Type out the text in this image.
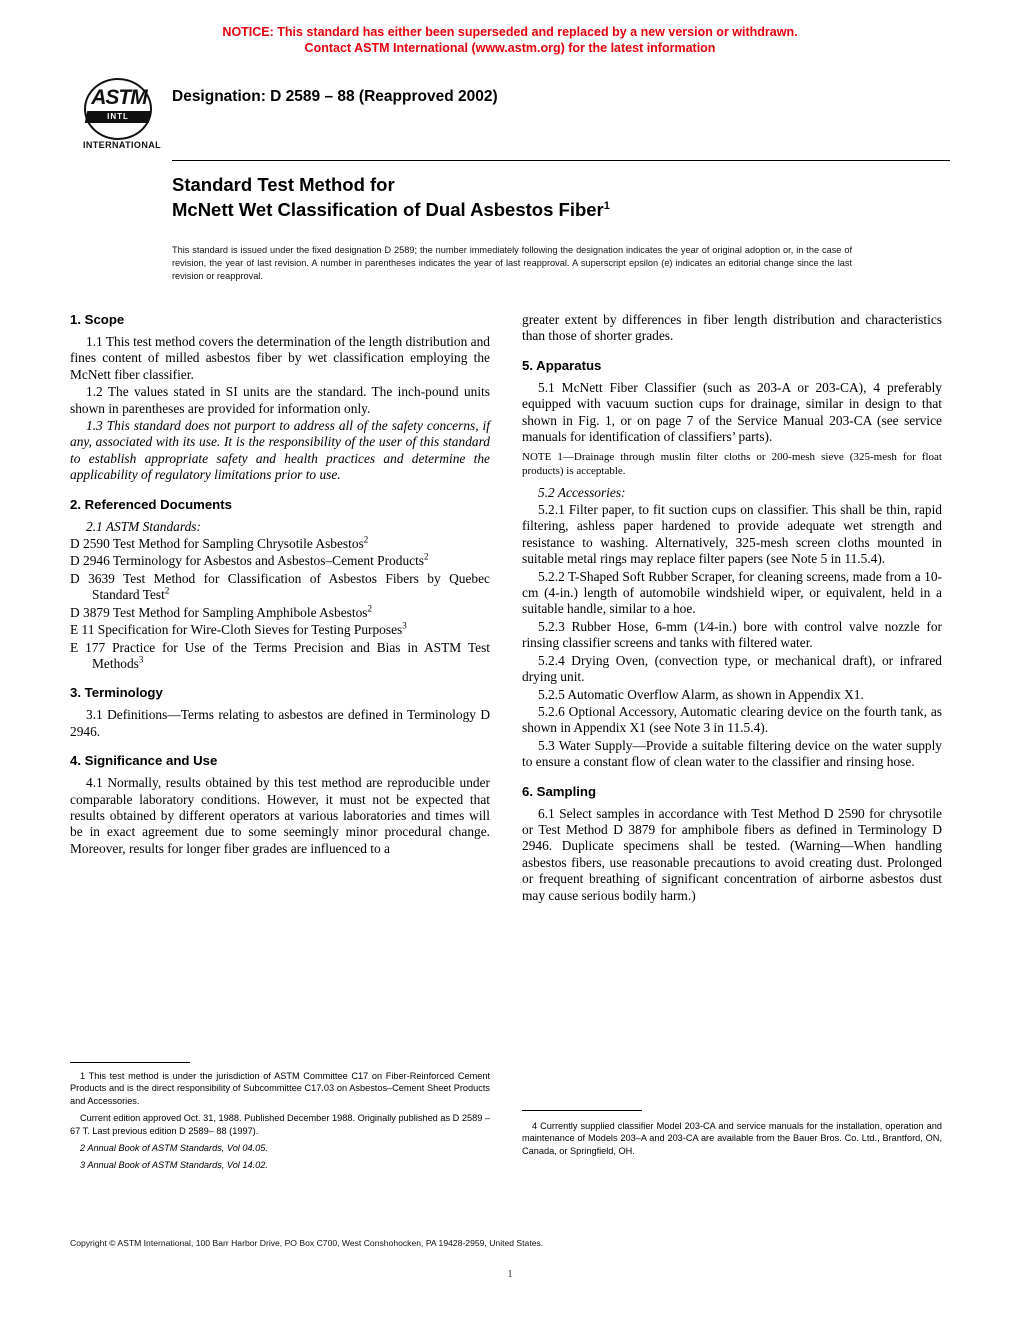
NOTICE: This standard has either been superseded and replaced by a new version or withdrawn.
Contact ASTM International (www.astm.org) for the latest information
ASTM
INTL
INTERNATIONAL
Designation: D 2589 – 88 (Reapproved 2002)
Standard Test Method for
McNett Wet Classification of Dual Asbestos Fiber$^1$
This standard is issued under the fixed designation D 2589; the number immediately following the designation indicates the year of original adoption or, in the case of revision, the year of last revision. A number in parentheses indicates the year of last reapproval. A superscript epsilon (e) indicates an editorial change since the last revision or reapproval.
1. Scope

1.1 This test method covers the determination of the length distribution and fines content of milled asbestos fiber by wet classification employing the McNett fiber classifier.

1.2 The values stated in SI units are the standard. The inch-pound units shown in parentheses are provided for information only.

1.3 This standard does not purport to address all of the safety concerns, if any, associated with its use. It is the responsibility of the user of this standard to establish appropriate safety and health practices and determine the applicability of regulatory limitations prior to use.

2. Referenced Documents

2.1 ASTM Standards:

D 2590 Test Method for Sampling Chrysotile Asbestos$^2$

D 2946 Terminology for Asbestos and Asbestos–Cement Products$^2$

D 3639 Test Method for Classification of Asbestos Fibers by Quebec Standard Test$^2$

D 3879 Test Method for Sampling Amphibole Asbestos$^2$

E 11 Specification for Wire-Cloth Sieves for Testing Purposes$^3$

E 177 Practice for Use of the Terms Precision and Bias in ASTM Test Methods$^3$

3. Terminology

3.1 Definitions—Terms relating to asbestos are defined in Terminology D 2946.

4. Significance and Use

4.1 Normally, results obtained by this test method are reproducible under comparable laboratory conditions. However, it must not be expected that results obtained by different operators at various laboratories and times will be in exact agreement due to some seemingly minor procedural change. Moreover, results for longer fiber grades are influenced to a

greater extent by differences in fiber length distribution and characteristics than those of shorter grades.

5. Apparatus

5.1 McNett Fiber Classifier (such as 203-A or 203-CA), 4 preferably equipped with vacuum suction cups for drainage, similar in design to that shown in Fig. 1, or on page 7 of the Service Manual 203-CA (see service manuals for identification of classifiers’ parts).

NOTE 1—Drainage through muslin filter cloths or 200-mesh sieve (325-mesh for float products) is acceptable.

5.2 Accessories:

5.2.1 Filter paper, to fit suction cups on classifier. This shall be thin, rapid filtering, ashless paper hardened to provide adequate wet strength and resistance to washing. Alternatively, 325-mesh screen cloths mounted in suitable metal rings may replace filter papers (see Note 5 in 11.5.4).

5.2.2 T-Shaped Soft Rubber Scraper, for cleaning screens, made from a 10-cm (4-in.) length of automobile windshield wiper, or equivalent, held in a suitable handle, similar to a hoe.

5.2.3 Rubber Hose, 6-mm (1⁄4-in.) bore with control valve nozzle for rinsing classifier screens and tanks with filtered water.

5.2.4 Drying Oven, (convection type, or mechanical draft), or infrared drying unit.

5.2.5 Automatic Overflow Alarm, as shown in Appendix X1.

5.2.6 Optional Accessory, Automatic clearing device on the fourth tank, as shown in Appendix X1 (see Note 3 in 11.5.4).

5.3 Water Supply—Provide a suitable filtering device on the water supply to ensure a constant flow of clean water to the classifier and rinsing hose.

6. Sampling

6.1 Select samples in accordance with Test Method D 2590 for chrysotile or Test Method D 3879 for amphibole fibers as defined in Terminology D 2946. Duplicate specimens shall be tested. (Warning—When handling asbestos fibers, use reasonable precautions to avoid creating dust. Prolonged or frequent breathing of significant concentration of airborne asbestos dust may cause serious bodily harm.)

1 This test method is under the jurisdiction of ASTM Committee C17 on Fiber-Reinforced Cement Products and is the direct responsibility of Subcommittee C17.03 on Asbestos–Cement Sheet Products and Accessories.

Current edition approved Oct. 31, 1988. Published December 1988. Originally published as D 2589 – 67 T. Last previous edition D 2589– 88 (1997).

2 Annual Book of ASTM Standards, Vol 04.05.

3 Annual Book of ASTM Standards, Vol 14.02.

4 Currently supplied classifier Model 203-CA and service manuals for the installation, operation and maintenance of Models 203–A and 203-CA are available from the Bauer Bros. Co. Ltd., Brantford, ON, Canada, or Springfield, OH.

Copyright © ASTM International, 100 Barr Harbor Drive, PO Box C700, West Conshohocken, PA 19428-2959, United States.
1
